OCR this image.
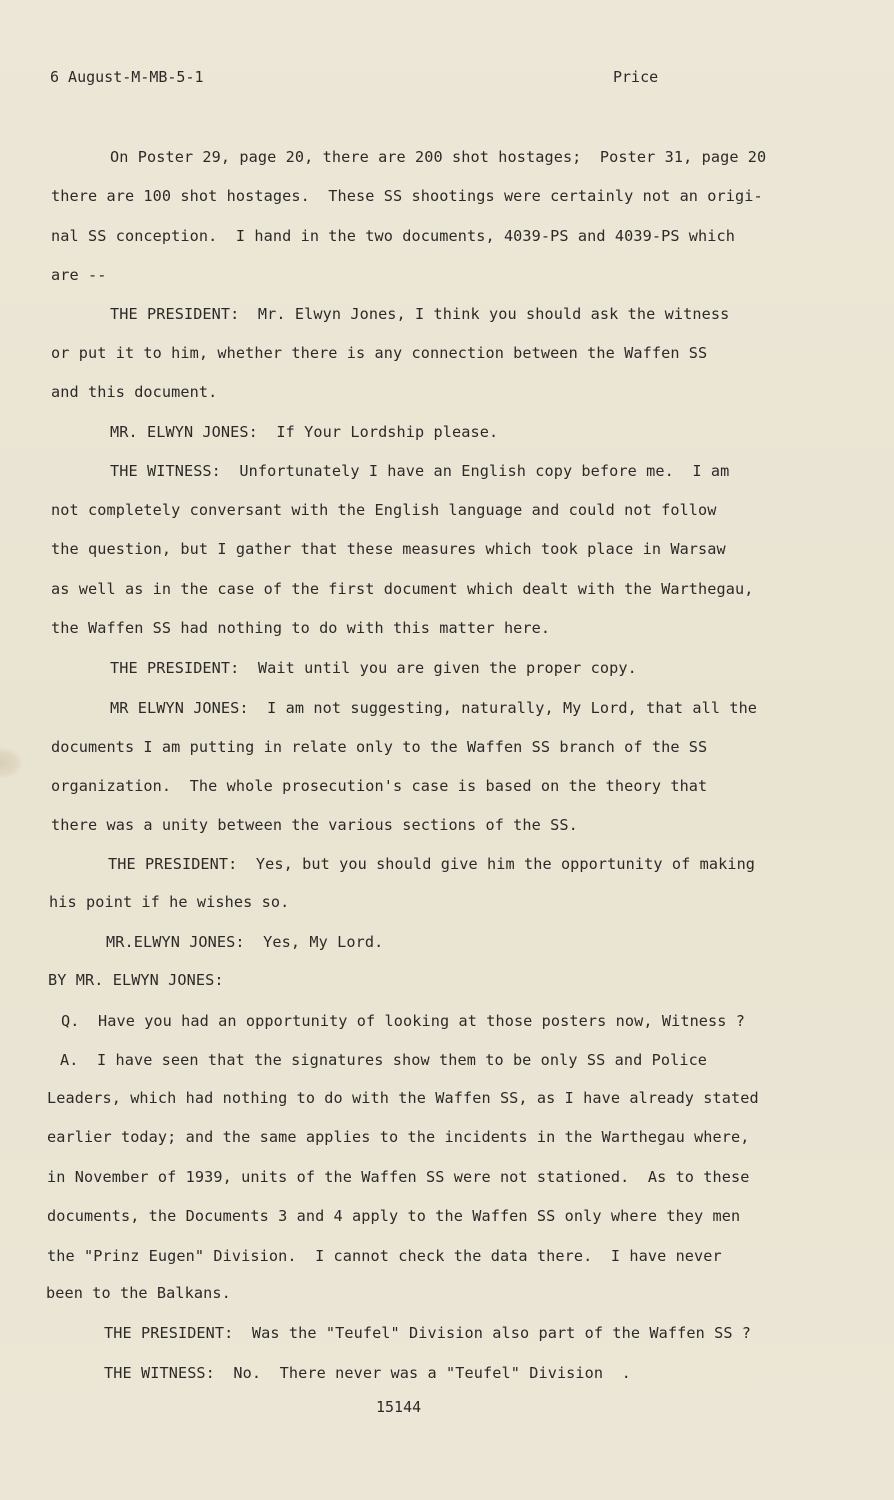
6 August-M-MB-5-1	Price
On Poster 29, page 20, there are 200 shot hostages;  Poster 31, page 20
there are 100 shot hostages.  These SS shootings were certainly not an origi-
nal SS conception.  I hand in the two documents, 4039-PS and 4039-PS which
are --
THE PRESIDENT:  Mr. Elwyn Jones, I think you should ask the witness
or put it to him, whether there is any connection between the Waffen SS
and this document.
MR. ELWYN JONES:  If Your Lordship please.
THE WITNESS:  Unfortunately I have an English copy before me.  I am
not completely conversant with the English language and could not follow
the question, but I gather that these measures which took place in Warsaw
as well as in the case of the first document which dealt with the Warthegau,
the Waffen SS had nothing to do with this matter here.
THE PRESIDENT:  Wait until you are given the proper copy.
MR ELWYN JONES:  I am not suggesting, naturally, My Lord, that all the
documents I am putting in relate only to the Waffen SS branch of the SS
organization.  The whole prosecution's case is based on the theory that
there was a unity between the various sections of the SS.
THE PRESIDENT:  Yes, but you should give him the opportunity of making
his point if he wishes so.
MR.ELWYN JONES:  Yes, My Lord.
BY MR. ELWYN JONES:
Q.  Have you had an opportunity of looking at those posters now, Witness ?
A.  I have seen that the signatures show them to be only SS and Police
Leaders, which had nothing to do with the Waffen SS, as I have already stated
earlier today; and the same applies to the incidents in the Warthegau where,
in November of 1939, units of the Waffen SS were not stationed.  As to these
documents, the Documents 3 and 4 apply to the Waffen SS only where they men
the "Prinz Eugen" Division.  I cannot check the data there.  I have never
been to the Balkans.
THE PRESIDENT:  Was the "Teufel" Division also part of the Waffen SS ?
THE WITNESS:  No.  There never was a "Teufel" Division  .
15144
